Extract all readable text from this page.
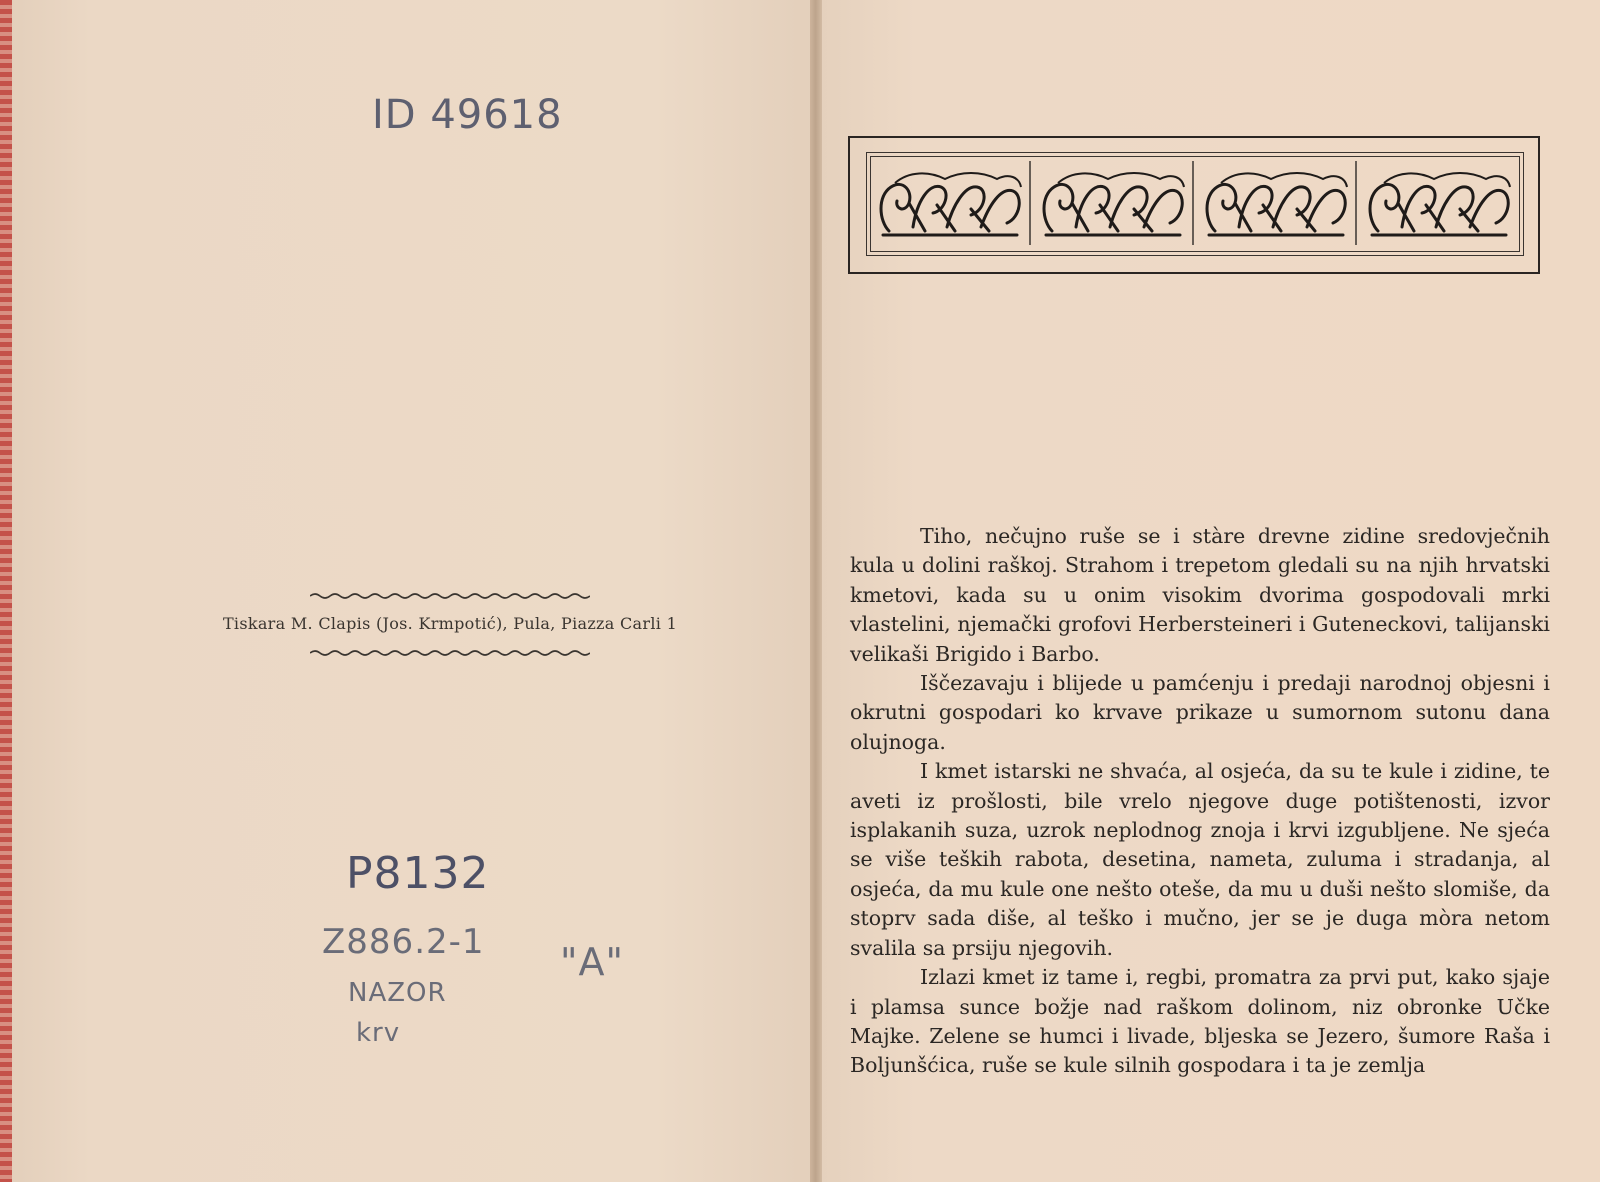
ID 49618
Tiskara M. Clapis (Jos. Krmpotić), Pula, Piazza Carli 1
P8132
Z886.2-1 "A"
NAZOR
krv

Tiho, nečujno ruše se i stàre drevne zidine sredovječnih kula u dolini raškoj. Strahom i trepetom gledali su na njih hrvatski kmetovi, kada su u onim visokim dvorima gospodovali mrki vlastelini, njemački grofovi Herbersteineri i Guteneckovi, talijanski velikaši Brigido i Barbo.

Iščezavaju i blijede u pamćenju i predaji narodnoj objesni i okrutni gospodari ko krvave prikaze u sumornom sutonu dana olujnoga.

I kmet istarski ne shvaća, al osjeća, da su te kule i zidine, te aveti iz prošlosti, bile vrelo njegove duge potištenosti, izvor isplakanih suza, uzrok neplodnog znoja i krvi izgubljene. Ne sjeća se više teških rabota, desetina, nameta, zuluma i stradanja, al osjeća, da mu kule one nešto oteše, da mu u duši nešto slomiše, da stoprv sada diše, al teško i mučno, jer se je duga mòra netom svalila sa prsiju njegovih.

Izlazi kmet iz tame i, regbi, promatra za prvi put, kako sjaje i plamsa sunce božje nad raškom dolinom, niz obronke Učke Majke. Zelene se humci i livade, bljeska se Jezero, šumore Raša i Boljunšćica, ruše se kule silnih gospodara i ta je zemlja
